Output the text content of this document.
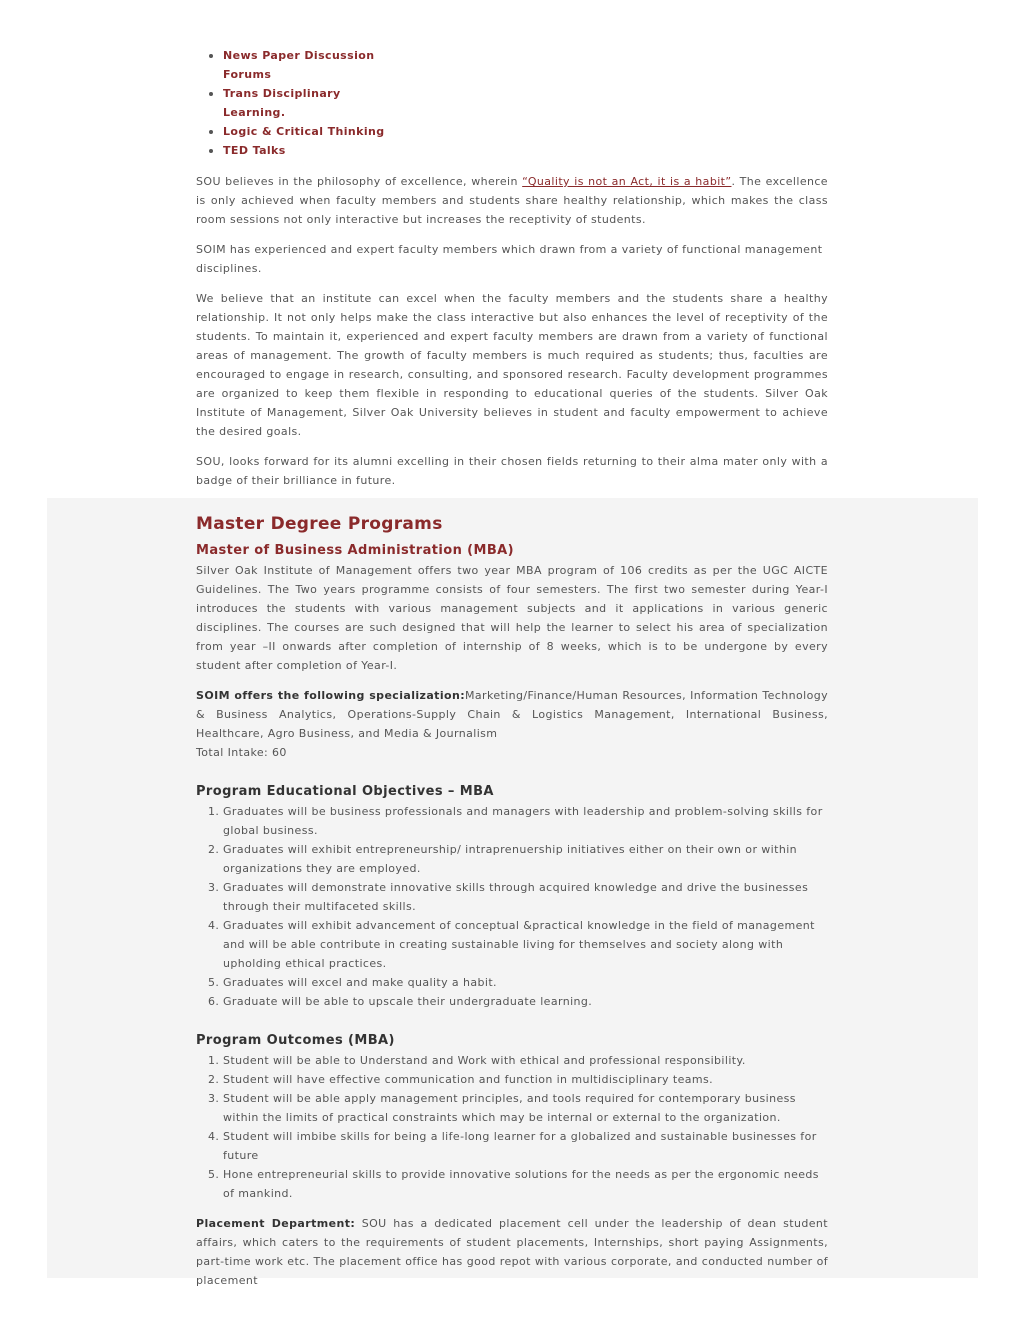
News Paper Discussion Forums
Trans Disciplinary Learning.
Logic & Critical Thinking
TED Talks

SOU believes in the philosophy of excellence, wherein “Quality is not an Act, it is a habit”. The excellence is only achieved when faculty members and students share healthy relationship, which makes the class room sessions not only interactive but increases the receptivity of students.

SOIM has experienced and expert faculty members which drawn from a variety of functional management disciplines.

We believe that an institute can excel when the faculty members and the students share a healthy relationship. It not only helps make the class interactive but also enhances the level of receptivity of the students. To maintain it, experienced and expert faculty members are drawn from a variety of functional areas of management. The growth of faculty members is much required as students; thus, faculties are encouraged to engage in research, consulting, and sponsored research. Faculty development programmes are organized to keep them flexible in responding to educational queries of the students. Silver Oak Institute of Management, Silver Oak University believes in student and faculty empowerment to achieve the desired goals.

SOU, looks forward for its alumni excelling in their chosen fields returning to their alma mater only with a badge of their brilliance in future.

Master Degree Programs
Master of Business Administration (MBA)

Silver Oak Institute of Management offers two year MBA program of 106 credits as per the UGC AICTE Guidelines. The Two years programme consists of four semesters. The first two semester during Year-I introduces the students with various management subjects and it applications in various generic disciplines. The courses are such designed that will help the learner to select his area of specialization from year –II onwards after completion of internship of 8 weeks, which is to be undergone by every student after completion of Year-I.

SOIM offers the following specialization:Marketing/Finance/Human Resources, Information Technology & Business Analytics, Operations-Supply Chain & Logistics Management, International Business, Healthcare, Agro Business, and Media & Journalism

Total Intake: 60

Program Educational Objectives – MBA
1. Graduates will be business professionals and managers with leadership and problem-solving skills for global business.
2. Graduates will exhibit entrepreneurship/ intraprenuership initiatives either on their own or within organizations they are employed.
3. Graduates will demonstrate innovative skills through acquired knowledge and drive the businesses through their multifaceted skills.
4. Graduates will exhibit advancement of conceptual &practical knowledge in the field of management and will be able contribute in creating sustainable living for themselves and society along with upholding ethical practices.
5. Graduates will excel and make quality a habit.
6. Graduate will be able to upscale their undergraduate learning.
Program Outcomes (MBA)
1. Student will be able to Understand and Work with ethical and professional responsibility.
2. Student will have effective communication and function in multidisciplinary teams.
3. Student will be able apply management principles, and tools required for contemporary business within the limits of practical constraints which may be internal or external to the organization.
4. Student will imbibe skills for being a life-long learner for a globalized and sustainable businesses for future
5. Hone entrepreneurial skills to provide innovative solutions for the needs as per the ergonomic needs of mankind.

Placement Department: SOU has a dedicated placement cell under the leadership of dean student affairs, which caters to the requirements of student placements, Internships, short paying Assignments, part-time work etc. The placement office has good repot with various corporate, and conducted number of placement
